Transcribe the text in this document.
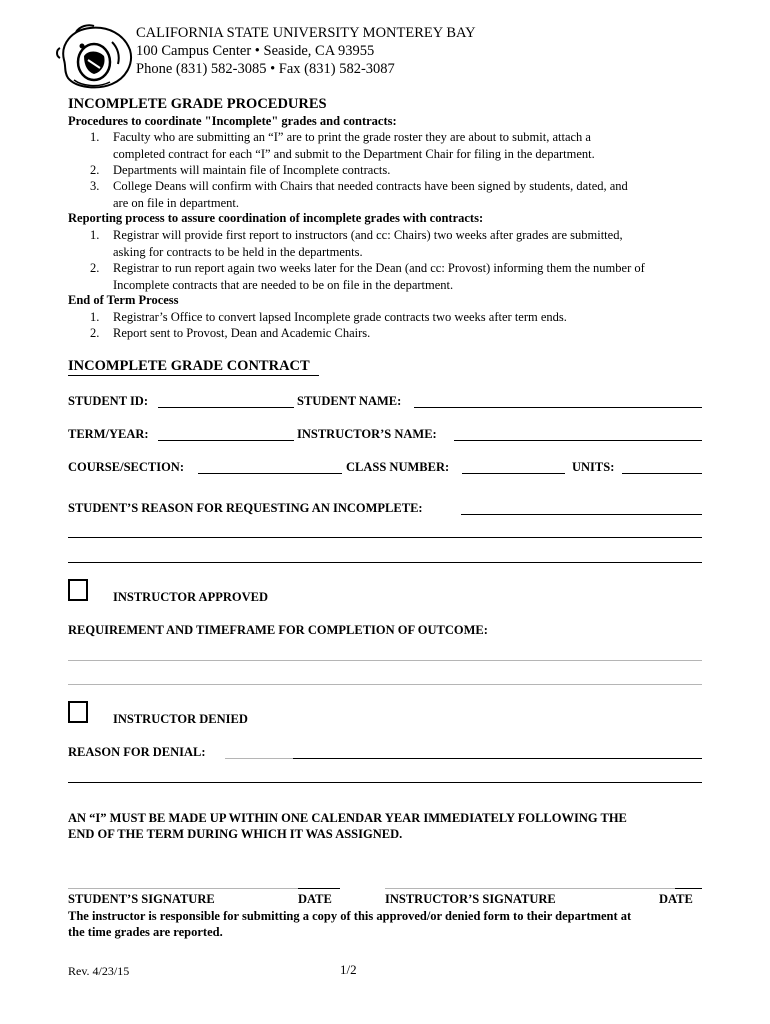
CALIFORNIA STATE UNIVERSITY MONTEREY BAY
100 Campus Center • Seaside, CA 93955
Phone (831) 582-3085 • Fax (831) 582-3087
INCOMPLETE GRADE PROCEDURES
Procedures to coordinate "Incomplete" grades and contracts:
1. Faculty who are submitting an “I” are to print the grade roster they are about to submit, attach a
completed contract for each “I” and submit to the Department Chair for filing in the department.
2. Departments will maintain file of Incomplete contracts.
3. College Deans will confirm with Chairs that needed contracts have been signed by students, dated, and
are on file in department.
Reporting process to assure coordination of incomplete grades with contracts:
1. Registrar will provide first report to instructors (and cc: Chairs) two weeks after grades are submitted,
asking for contracts to be held in the departments.
2. Registrar to run report again two weeks later for the Dean (and cc: Provost) informing them the number of
Incomplete contracts that are needed to be on file in the department.
End of Term Process
1. Registrar’s Office to convert lapsed Incomplete grade contracts two weeks after term ends.
2. Report sent to Provost, Dean and Academic Chairs.
INCOMPLETE GRADE CONTRACT
STUDENT ID:	STUDENT NAME:
TERM/YEAR:	INSTRUCTOR’S NAME:
COURSE/SECTION:	CLASS NUMBER:	UNITS:
STUDENT’S REASON FOR REQUESTING AN INCOMPLETE:
INSTRUCTOR APPROVED
REQUIREMENT AND TIMEFRAME FOR COMPLETION OF OUTCOME:
INSTRUCTOR DENIED
REASON FOR DENIAL:
AN “I” MUST BE MADE UP WITHIN ONE CALENDAR YEAR IMMEDIATELY FOLLOWING THE
END OF THE TERM DURING WHICH IT WAS ASSIGNED.
STUDENT’S SIGNATURE	DATE	INSTRUCTOR’S SIGNATURE	DATE
The instructor is responsible for submitting a copy of this approved/or denied form to their department at
the time grades are reported.
Rev. 4/23/15	1/2
